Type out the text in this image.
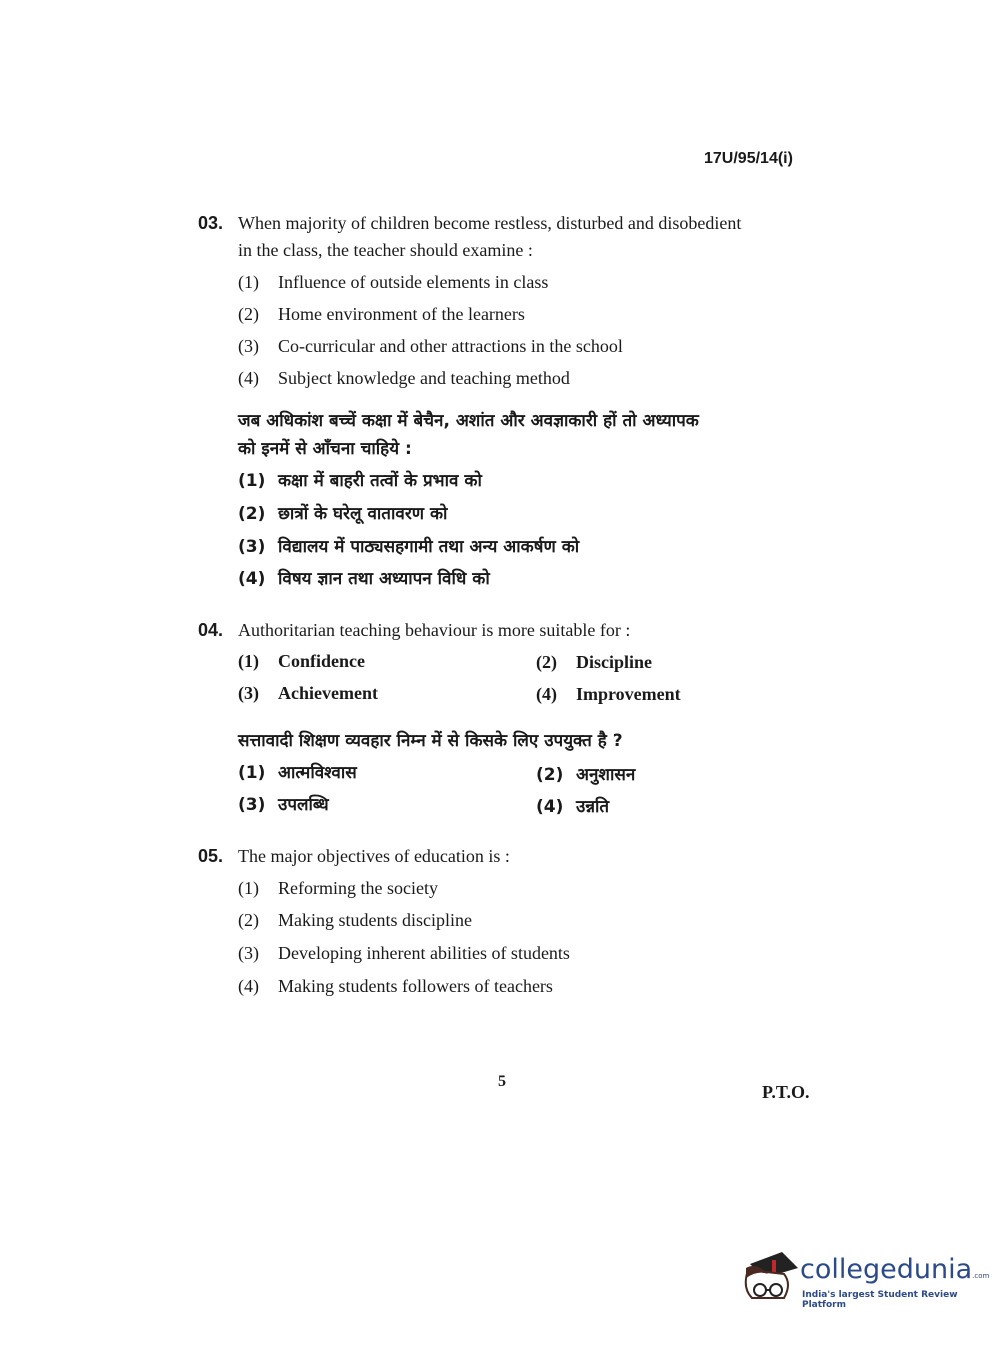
17U/95/14(i)
03. When majority of children become restless, disturbed and disobedient
in the class, the teacher should examine :
(1) Influence of outside elements in class
(2) Home environment of the learners
(3) Co-curricular and other attractions in the school
(4) Subject knowledge and teaching method
जब अधिकांश बच्चें कक्षा में बेचैन, अशांत और अवज्ञाकारी हों तो अध्यापक
को इनमें से आँचना चाहिये :
(1) कक्षा में बाहरी तत्वों के प्रभाव को
(2) छात्रों के घरेलू वातावरण को
(3) विद्यालय में पाठ्यसहगामी तथा अन्य आकर्षण को
(4) विषय ज्ञान तथा अध्यापन विधि को
04. Authoritarian teaching behaviour is more suitable for :
(1) Confidence	(2) Discipline
(3) Achievement	(4) Improvement
सत्तावादी शिक्षण व्यवहार निम्न में से किसके लिए उपयुक्त है ?
(1) आत्मविश्वास	(2) अनुशासन
(3) उपलब्धि	(4) उन्नति
05. The major objectives of education is :
(1) Reforming the society
(2) Making students discipline
(3) Developing inherent abilities of students
(4) Making students followers of teachers
5
P.T.O.
collegedunia.com
India's largest Student Review Platform
